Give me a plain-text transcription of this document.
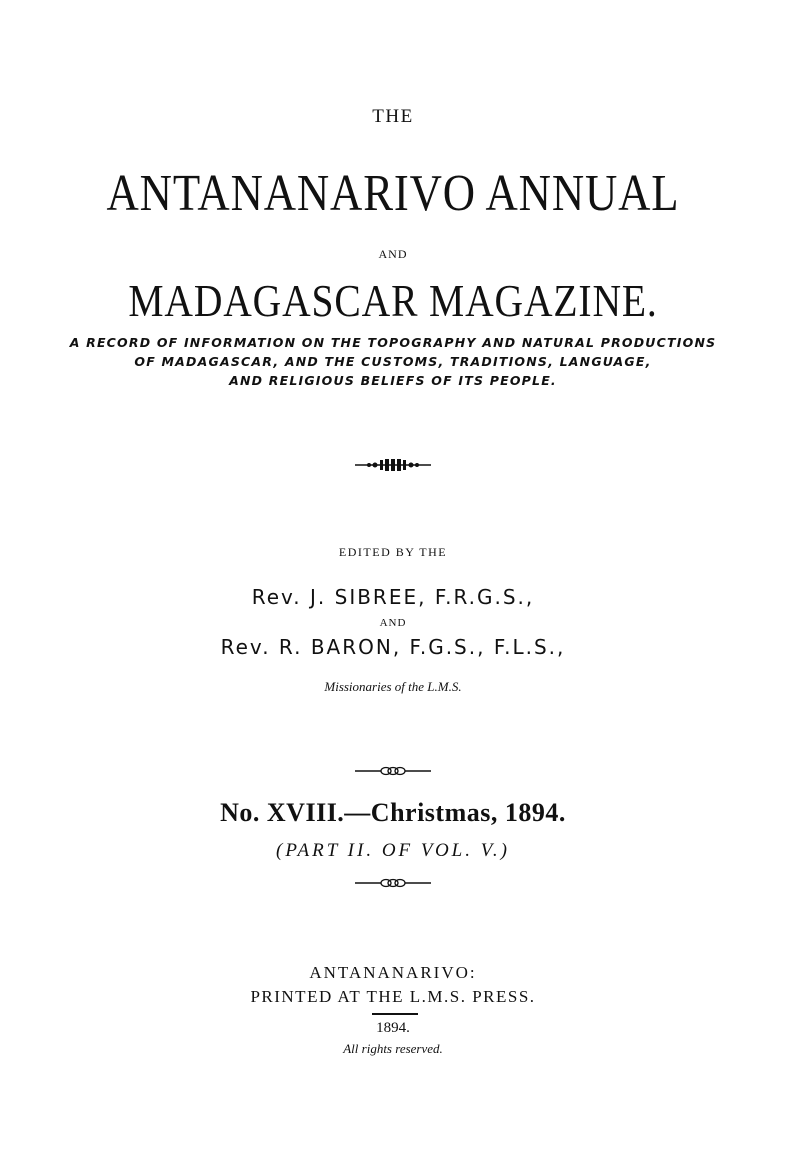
THE
ANTANANARIVO ANNUAL
AND
MADAGASCAR MAGAZINE.
A RECORD OF INFORMATION ON THE TOPOGRAPHY AND NATURAL PRODUCTIONS
OF MADAGASCAR, AND THE CUSTOMS, TRADITIONS, LANGUAGE,
AND RELIGIOUS BELIEFS OF ITS PEOPLE.
EDITED BY THE
Rev. J. SIBREE, F.R.G.S.,
AND
Rev. R. BARON, F.G.S., F.L.S.,
Missionaries of the L.M.S.
No. XVIII.—Christmas, 1894.
(PART II. OF VOL. V.)
ANTANANARIVO:
PRINTED AT THE L.M.S. PRESS.
1894.
All rights reserved.
